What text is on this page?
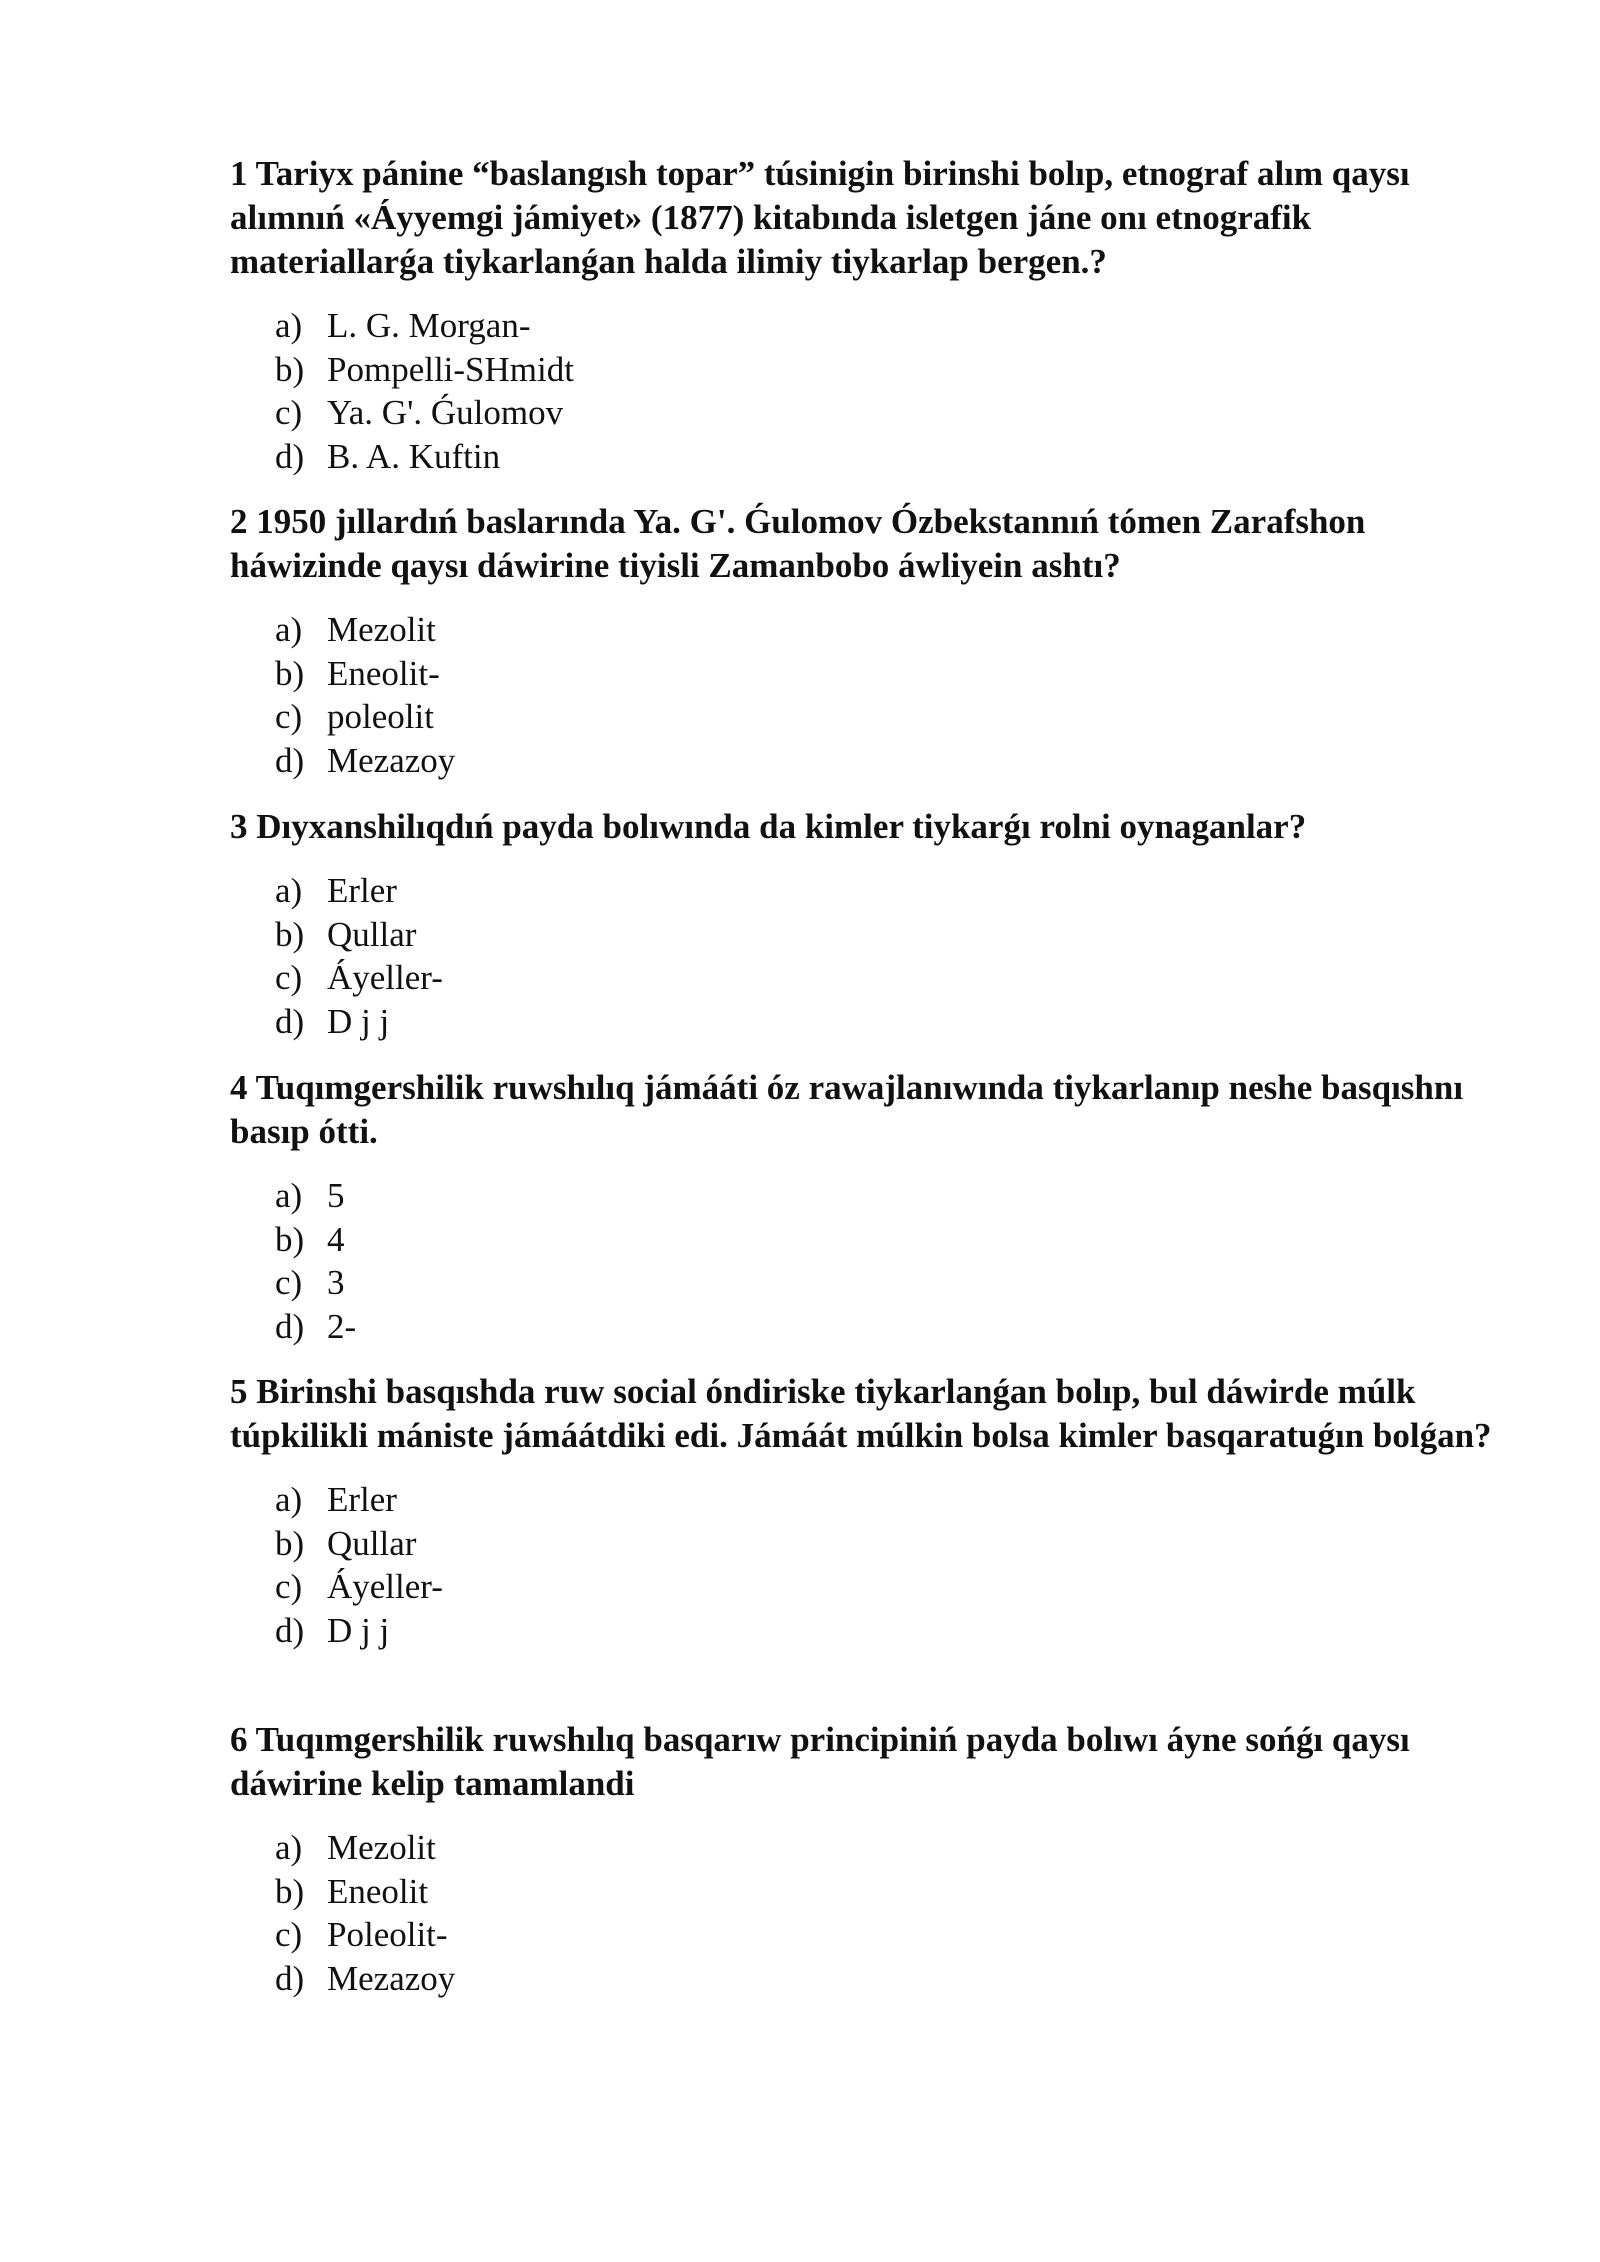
1 Tariyx pánine “baslangısh topar” túsinigin birinshi bolıp, etnograf alım qaysı alımnıń «Áyyemgi jámiyet» (1877) kitabında isletgen jáne onı etnografik materiallarǵa tiykarlanǵan halda ilimiy tiykarlap bergen.?

a) L. G. Morgan-
b) Pompelli-SHmidt
c) Ya. G'. Ǵulomov
d) B. A. Kuftin

2 1950 jıllardıń baslarında Ya. G'. Ǵulomov Ózbekstannıń tómen Zarafshon háwizinde qaysı dáwirine tiyisli Zamanbobo áwliyein ashtı?

a) Mezolit
b) Eneolit-
c) poleolit
d) Mezazoy

3 Dıyxanshilıqdıń payda bolıwında da kimler tiykarǵı rolni oynaganlar?

a) Erler
b) Qullar
c) Áyeller-
d) D j j

4 Tuqımgershilik ruwshılıq jámááti óz rawajlanıwında tiykarlanıp neshe basqıshnı basıp ótti.

a) 5
b) 4
c) 3
d) 2-

5 Birinshi basqıshda ruw social óndiriske tiykarlanǵan bolıp, bul dáwirde múlk túpkilikli mániste jámáátdiki edi. Jámáát múlkin bolsa kimler basqaratuǵın bolǵan?

a) Erler
b) Qullar
c) Áyeller-
d) D j j

6 Tuqımgershilik ruwshılıq basqarıw principiniń payda bolıwı áyne sońǵı qaysı dáwirine kelip tamamlandi

a) Mezolit
b) Eneolit
c) Poleolit-
d) Mezazoy
